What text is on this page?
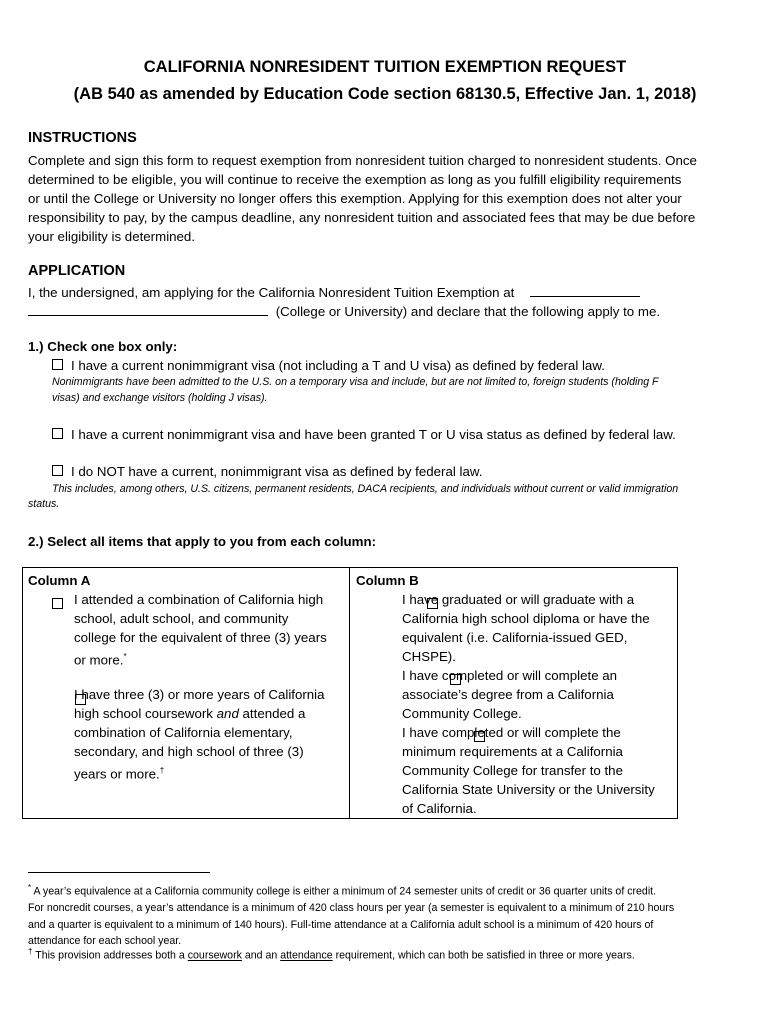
CALIFORNIA NONRESIDENT TUITION EXEMPTION REQUEST
(AB 540 as amended by Education Code section 68130.5, Effective Jan. 1, 2018)
INSTRUCTIONS
Complete and sign this form to request exemption from nonresident tuition charged to nonresident students. Once
determined to be eligible, you will continue to receive the exemption as long as you fulfill eligibility requirements
or until the College or University no longer offers this exemption. Applying for this exemption does not alter your
responsibility to pay, by the campus deadline, any nonresident tuition and associated fees that may be due before
your eligibility is determined.
APPLICATION
I, the undersigned, am applying for the California Nonresident Tuition Exemption at
(College or University) and declare that the following apply to me.
1.) Check one box only:
I have a current nonimmigrant visa (not including a T and U visa) as defined by federal law.
Nonimmigrants have been admitted to the U.S. on a temporary visa and include, but are not limited to, foreign students (holding F
visas) and exchange visitors (holding J visas).
I have a current nonimmigrant visa and have been granted T or U visa status as defined by federal law.
I do NOT have a current, nonimmigrant visa as defined by federal law.
This includes, among others, U.S. citizens, permanent residents, DACA recipients, and individuals without current or valid immigration
status.
2.) Select all items that apply to you from each column:
Column A

I attended a combination of California high
school, adult school, and community
college for the equivalent of three (3) years
or more.*

I have three (3) or more years of California
high school coursework and attended a
combination of California elementary,
secondary, and high school of three (3)
years or more.†
Column B

I have graduated or will graduate with a
California high school diploma or have the
equivalent (i.e. California-issued GED,
CHSPE).

I have completed or will complete an
associate’s degree from a California
Community College.
I have completed or will complete the
minimum requirements at a California
Community College for transfer to the
California State University or the University
of California.
* A year’s equivalence at a California community college is either a minimum of 24 semester units of credit or 36 quarter units of credit.
For noncredit courses, a year’s attendance is a minimum of 420 class hours per year (a semester is equivalent to a minimum of 210 hours
and a quarter is equivalent to a minimum of 140 hours). Full-time attendance at a California adult school is a minimum of 420 hours of
attendance for each school year.
† This provision addresses both a coursework and an attendance requirement, which can both be satisfied in three or more years.
